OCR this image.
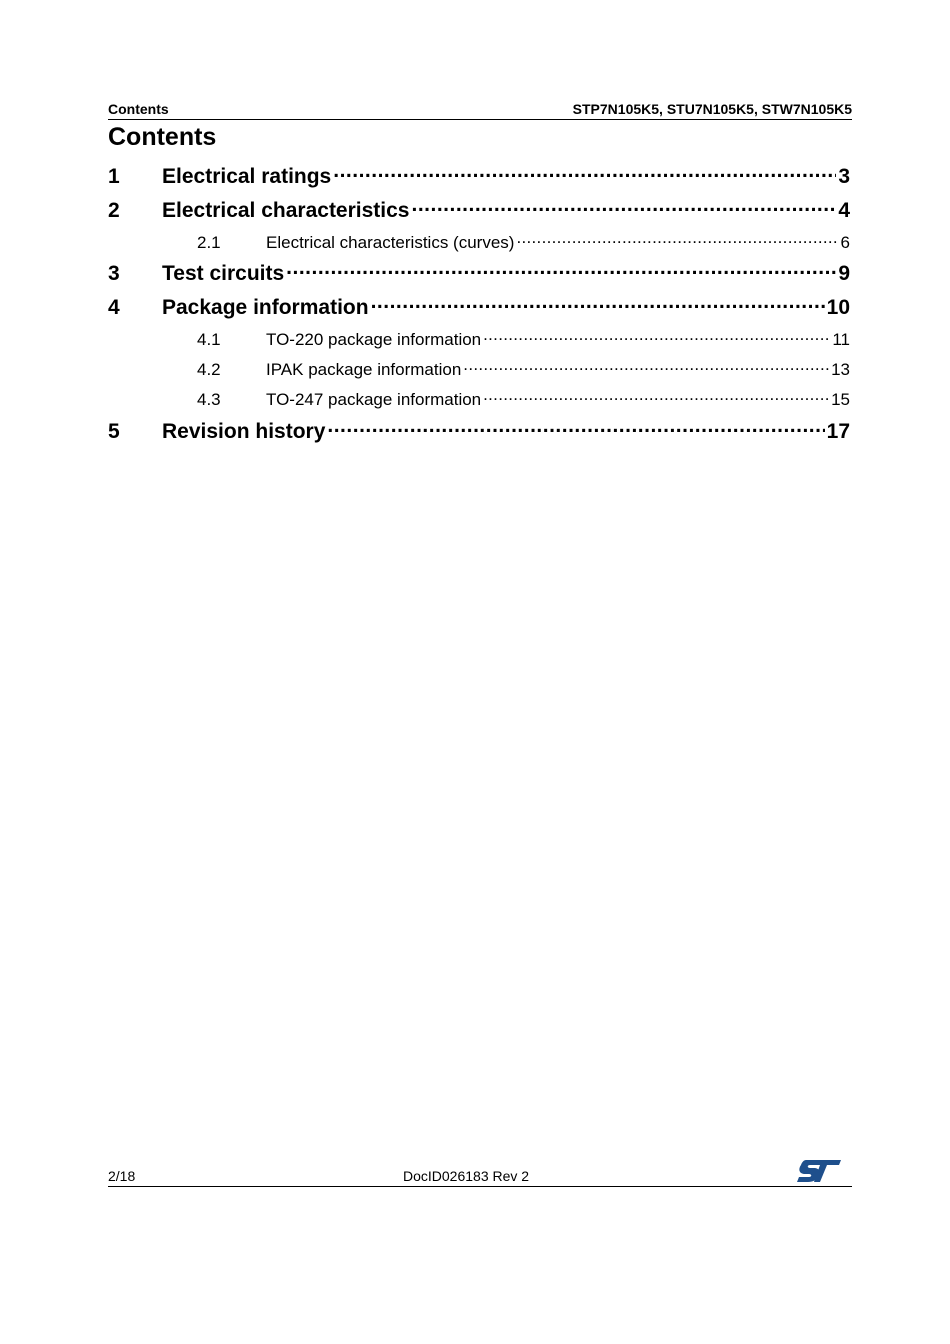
Contents	STP7N105K5, STU7N105K5, STW7N105K5
Contents
1	Electrical ratings .....	3
2	Electrical characteristics .....	4
2.1	Electrical characteristics (curves) .....	6
3	Test circuits .....	9
4	Package information .....	10
4.1	TO-220 package information .....	11
4.2	IPAK package information .....	13
4.3	TO-247 package information .....	15
5	Revision history .....	17
2/18	DocID026183 Rev 2
